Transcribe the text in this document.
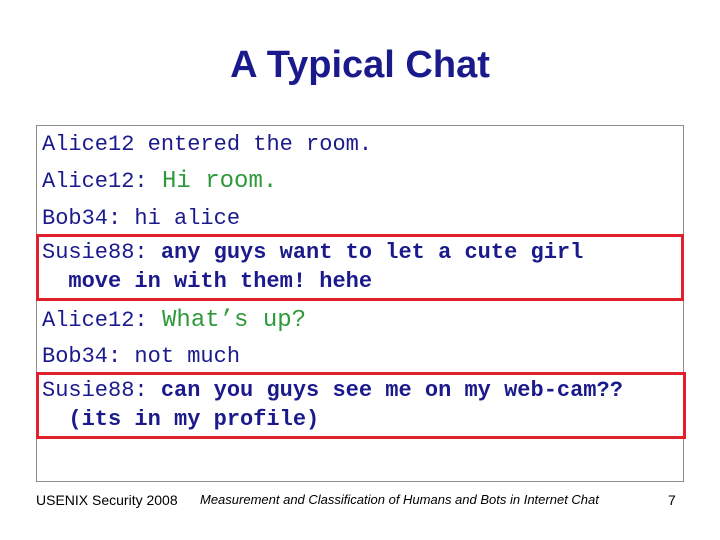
A Typical Chat
Alice12 entered the room.
Alice12: Hi room.
Bob34: hi alice
Susie88: any guys want to let a cute girl
move in with them! hehe
Alice12: What’s up?
Bob34: not much
Susie88: can you guys see me on my web-cam??
(its in my profile)
USENIX Security 2008 Measurement and Classification of Humans and Bots in Internet Chat	7
